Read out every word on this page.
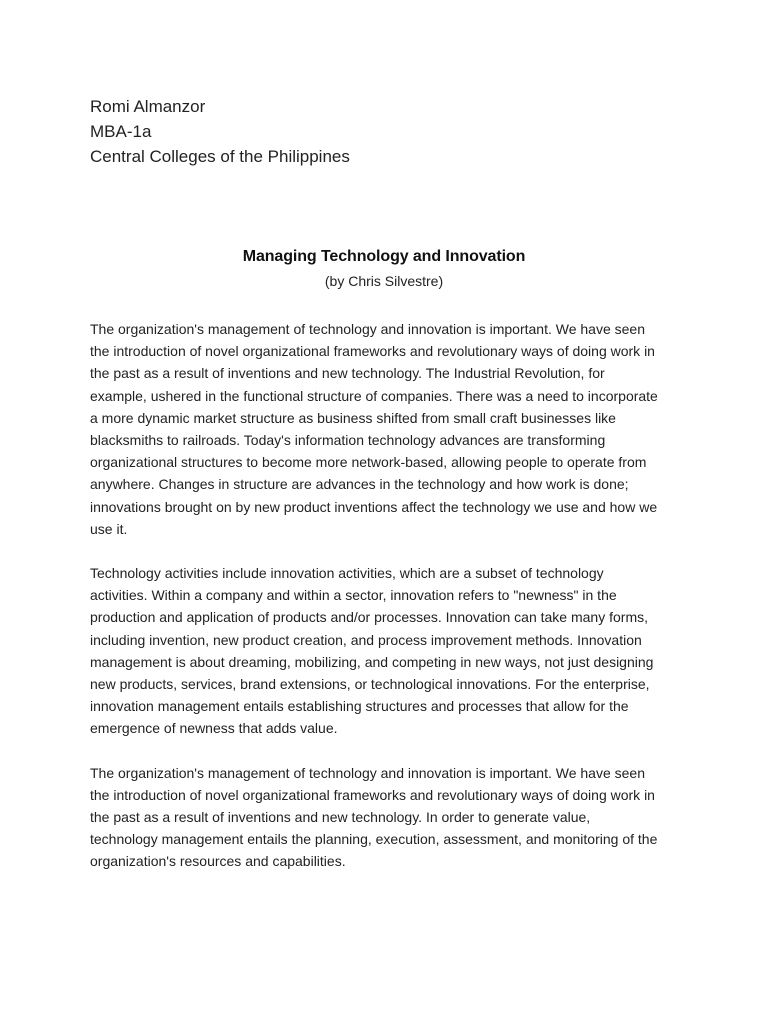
Romi Almanzor
MBA-1a
Central Colleges of the Philippines
Managing Technology and Innovation
(by Chris Silvestre)

The organization's management of technology and innovation is important. We have seen
the introduction of novel organizational frameworks and revolutionary ways of doing work in
the past as a result of inventions and new technology. The Industrial Revolution, for
example, ushered in the functional structure of companies. There was a need to incorporate
a more dynamic market structure as business shifted from small craft businesses like
blacksmiths to railroads. Today's information technology advances are transforming
organizational structures to become more network-based, allowing people to operate from
anywhere. Changes in structure are advances in the technology and how work is done;
innovations brought on by new product inventions affect the technology we use and how we
use it.

Technology activities include innovation activities, which are a subset of technology
activities. Within a company and within a sector, innovation refers to "newness" in the
production and application of products and/or processes. Innovation can take many forms,
including invention, new product creation, and process improvement methods. Innovation
management is about dreaming, mobilizing, and competing in new ways, not just designing
new products, services, brand extensions, or technological innovations. For the enterprise,
innovation management entails establishing structures and processes that allow for the
emergence of newness that adds value.

The organization's management of technology and innovation is important. We have seen
the introduction of novel organizational frameworks and revolutionary ways of doing work in
the past as a result of inventions and new technology. In order to generate value,
technology management entails the planning, execution, assessment, and monitoring of the
organization's resources and capabilities.
